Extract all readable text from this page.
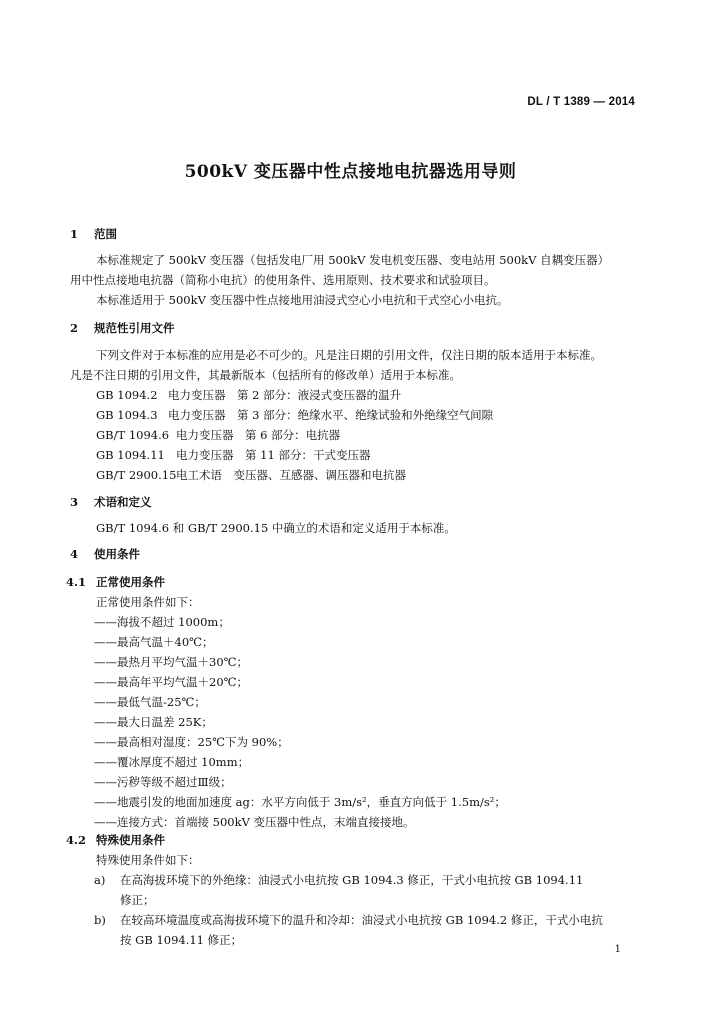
DL / T 1389 — 2014
500kV 变压器中性点接地电抗器选用导则
1 范围
本标准规定了 500kV 变压器（包括发电厂用 500kV 发电机变压器、变电站用 500kV 自耦变压器）
用中性点接地电抗器（简称小电抗）的使用条件、选用原则、技术要求和试验项目。
本标准适用于 500kV 变压器中性点接地用油浸式空心小电抗和干式空心小电抗。
2 规范性引用文件
下列文件对于本标准的应用是必不可少的。凡是注日期的引用文件，仅注日期的版本适用于本标准。
凡是不注日期的引用文件，其最新版本（包括所有的修改单）适用于本标准。
GB 1094.2 电力变压器　第 2 部分：液浸式变压器的温升
GB 1094.3 电力变压器　第 3 部分：绝缘水平、绝缘试验和外绝缘空气间隙
GB/T 1094.6 电力变压器　第 6 部分：电抗器
GB 1094.11 电力变压器　第 11 部分：干式变压器
GB/T 2900.15电工术语　变压器、互感器、调压器和电抗器
3 术语和定义
GB/T 1094.6 和 GB/T 2900.15 中确立的术语和定义适用于本标准。
4 使用条件
4.1 正常使用条件
正常使用条件如下：
——海拔不超过 1000m；
——最高气温＋40℃；
——最热月平均气温＋30℃；
——最高年平均气温＋20℃；
——最低气温-25℃；
——最大日温差 25K；
——最高相对湿度：25℃下为 90%；
——覆冰厚度不超过 10mm；
——污秽等级不超过Ⅲ级；
——地震引发的地面加速度 ag：水平方向低于 3m/s²，垂直方向低于 1.5m/s²；
——连接方式：首端接 500kV 变压器中性点，末端直接接地。
4.2 特殊使用条件
特殊使用条件如下：
a) 在高海拔环境下的外绝缘：油浸式小电抗按 GB 1094.3 修正，干式小电抗按 GB 1094.11
修正；
b) 在较高环境温度或高海拔环境下的温升和冷却：油浸式小电抗按 GB 1094.2 修正，干式小电抗
按 GB 1094.11 修正；
1
